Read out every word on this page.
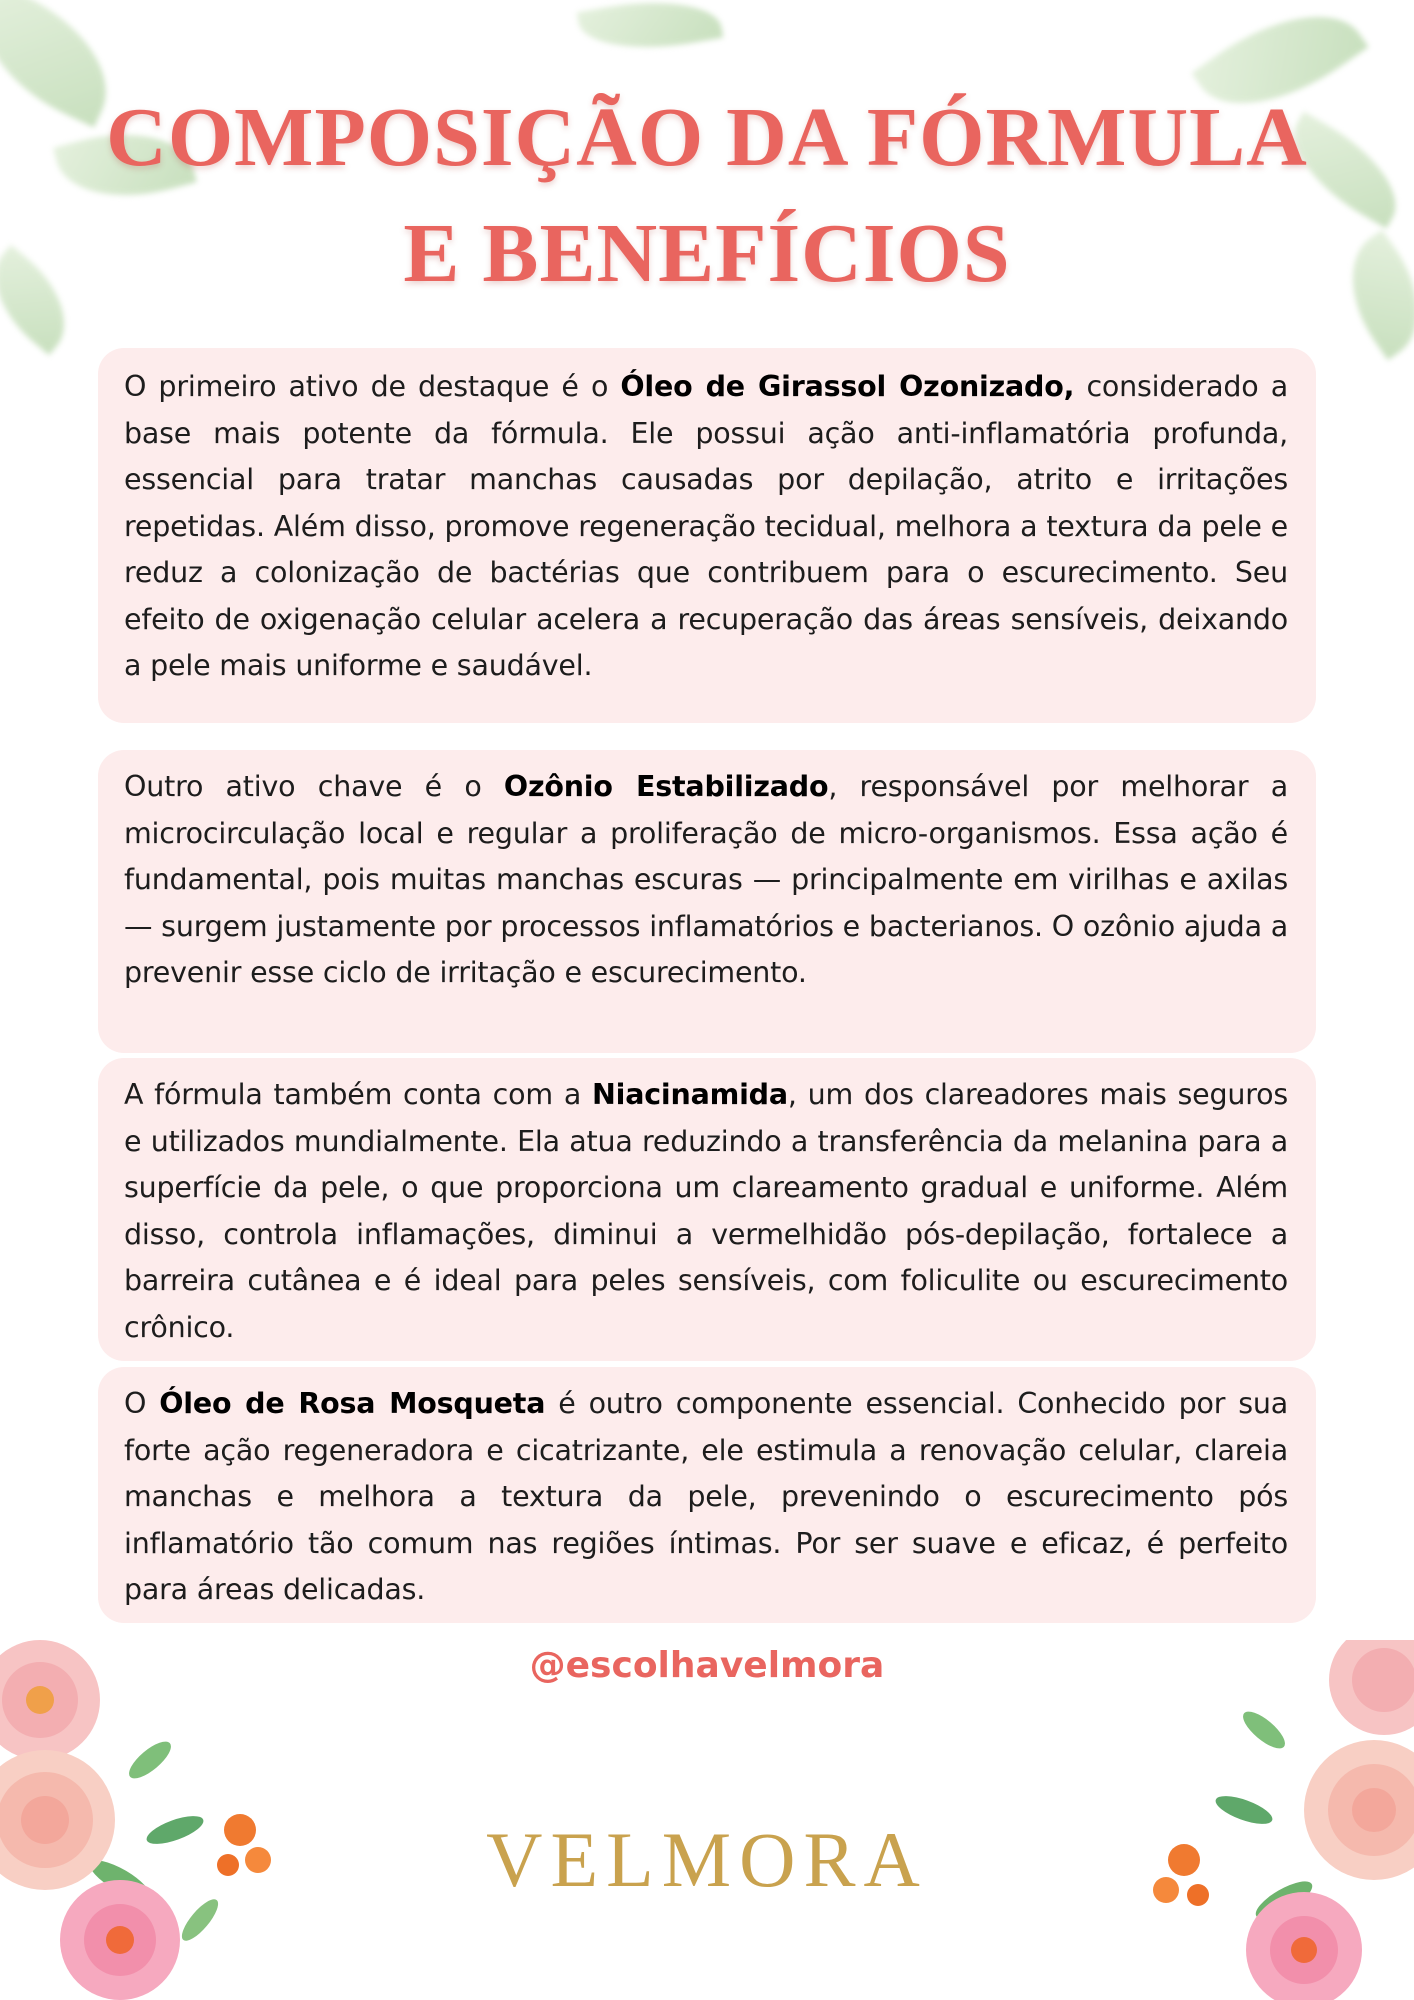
COMPOSIÇÃO DA FÓRMULA
E BENEFÍCIOS

O primeiro ativo de destaque é o Óleo de Girassol Ozonizado, considerado a base mais potente da fórmula. Ele possui ação anti-inflamatória profunda, essencial para tratar manchas causadas por depilação, atrito e irritações repetidas. Além disso, promove regeneração tecidual, melhora a textura da pele e reduz a colonização de bactérias que contribuem para o escurecimento. Seu efeito de oxigenação celular acelera a recuperação das áreas sensíveis, deixando a pele mais uniforme e saudável.

Outro ativo chave é o Ozônio Estabilizado, responsável por melhorar a microcirculação local e regular a proliferação de micro-organismos. Essa ação é fundamental, pois muitas manchas escuras — principalmente em virilhas e axilas — surgem justamente por processos inflamatórios e bacterianos. O ozônio ajuda a prevenir esse ciclo de irritação e escurecimento.

A fórmula também conta com a Niacinamida, um dos clareadores mais seguros e utilizados mundialmente. Ela atua reduzindo a transferência da melanina para a superfície da pele, o que proporciona um clareamento gradual e uniforme. Além disso, controla inflamações, diminui a vermelhidão pós-depilação, fortalece a barreira cutânea e é ideal para peles sensíveis, com foliculite ou escurecimento crônico.

O Óleo de Rosa Mosqueta é outro componente essencial. Conhecido por sua forte ação regeneradora e cicatrizante, ele estimula a renovação celular, clareia manchas e melhora a textura da pele, prevenindo o escurecimento pós inflamatório tão comum nas regiões íntimas. Por ser suave e eficaz, é perfeito para áreas delicadas.

@escolhavelmora
VELMORA
